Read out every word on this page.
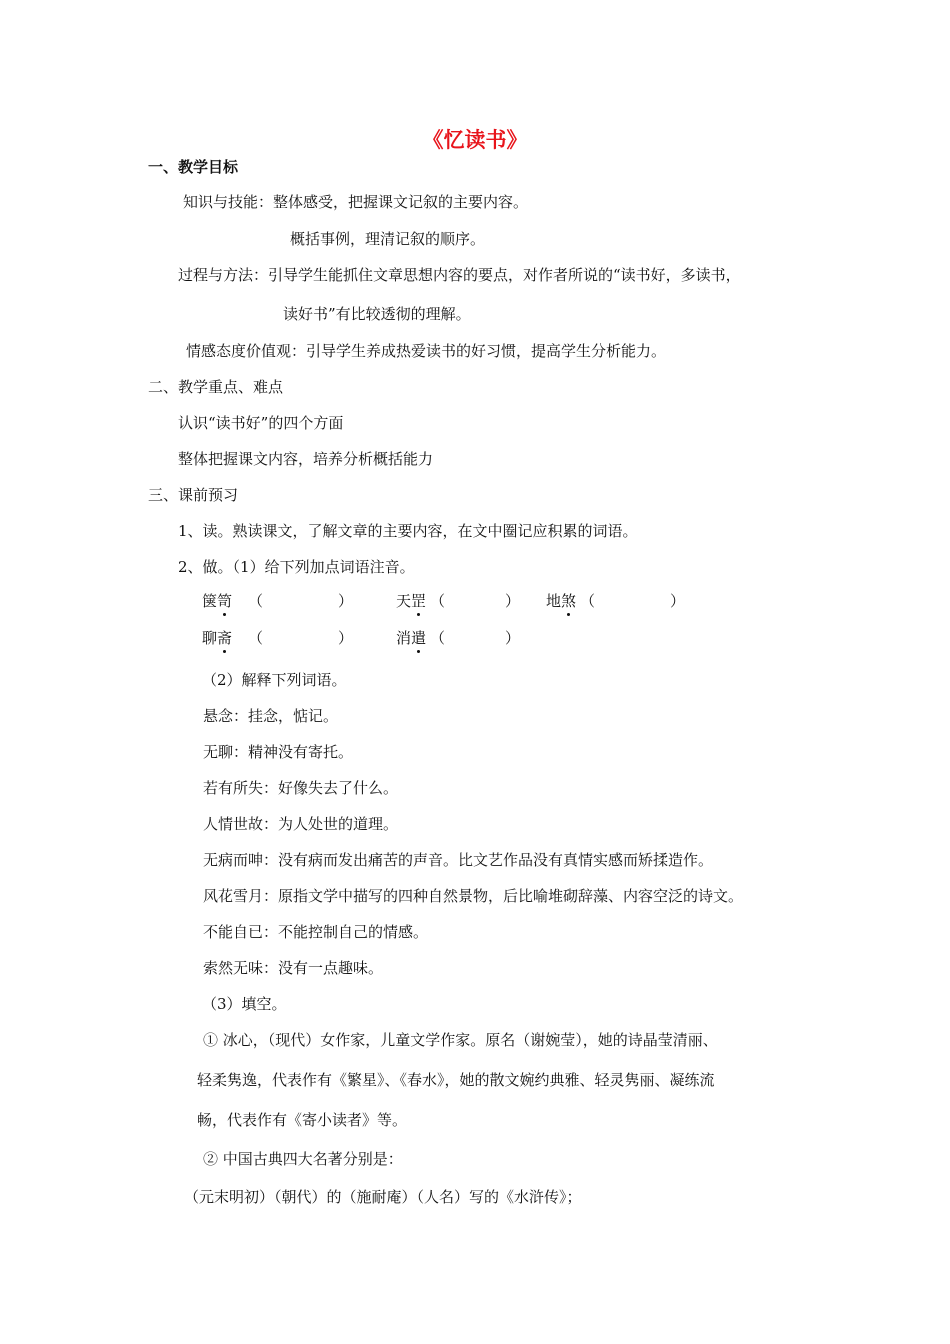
《忆读书》
一、教学目标
知识与技能：整体感受，把握课文记叙的主要内容。
概括事例，理清记叙的顺序。
过程与方法：引导学生能抓住文章思想内容的要点，对作者所说的“读书好，多读书，
读好书”有比较透彻的理解。
情感态度价值观：引导学生养成热爱读书的好习惯，提高学生分析能力。
二、教学重点、难点
认识“读书好”的四个方面
整体把握课文内容，培养分析概括能力
三、课前预习
1、读。熟读课文，了解文章的主要内容，在文中圈记应积累的词语。
2、做。（1）给下列加点词语注音。
箧笥 （　　　　　）	天罡 （　　　　） 地煞 （　　　　　）
聊斋 （　　　　　）	消遣 （　　　　）
（2）解释下列词语。
悬念：挂念，惦记。
无聊：精神没有寄托。
若有所失：好像失去了什么。
人情世故：为人处世的道理。
无病而呻：没有病而发出痛苦的声音。比文艺作品没有真情实感而矫揉造作。
风花雪月：原指文学中描写的四种自然景物，后比喻堆砌辞藻、内容空泛的诗文。
不能自已：不能控制自己的情感。
索然无味：没有一点趣味。
（3）填空。
① 冰心，（现代）女作家，儿童文学作家。原名（谢婉莹），她的诗晶莹清丽、
轻柔隽逸，代表作有《繁星》、《春水》，她的散文婉约典雅、轻灵隽丽、凝练流
畅，代表作有《寄小读者》等。
② 中国古典四大名著分别是：
（元末明初）（朝代）的（施耐庵）（人名）写的《水浒传》；
